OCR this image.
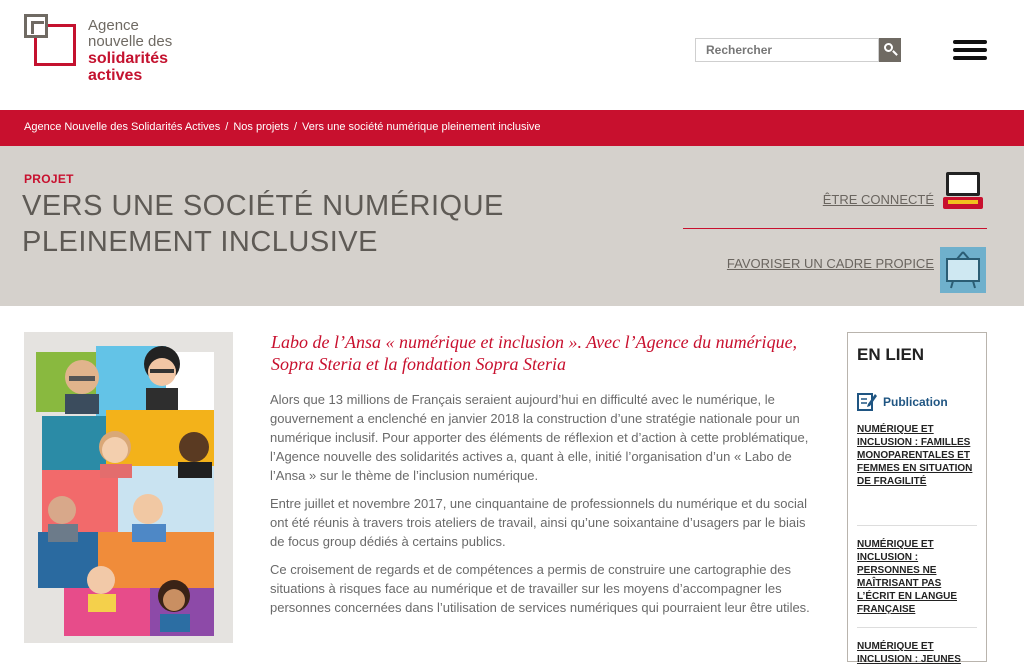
Agence
nouvelle des
solidarités
actives
Rechercher
Agence Nouvelle des Solidarités Actives / Nos projets / Vers une société numérique pleinement inclusive
PROJET
VERS UNE SOCIÉTÉ NUMÉRIQUE
PLEINEMENT INCLUSIVE
ÊTRE CONNECTÉ
FAVORISER UN CADRE PROPICE
Labo de l’Ansa « numérique et inclusion ». Avec l’Agence du numérique, Sopra Steria et la fondation Sopra Steria

Alors que 13 millions de Français seraient aujourd’hui en difficulté avec le numérique, le gouvernement a enclenché en janvier 2018 la construction d’une stratégie nationale pour un numérique inclusif. Pour apporter des éléments de réflexion et d’action à cette problématique, l’Agence nouvelle des solidarités actives a, quant à elle, initié l’organisation d’un « Labo de l’Ansa » sur le thème de l’inclusion numérique.

Entre juillet et novembre 2017, une cinquantaine de professionnels du numérique et du social ont été réunis à travers trois ateliers de travail, ainsi qu’une soixantaine d’usagers par le biais de focus group dédiés à certains publics.

Ce croisement de regards et de compétences a permis de construire une cartographie des situations à risques face au numérique et de travailler sur les moyens d’accompagner les personnes concernées dans l’utilisation de services numériques qui pourraient leur être utiles.

EN LIEN
Publication
NUMÉRIQUE ET INCLUSION : FAMILLES MONOPARENTALES ET FEMMES EN SITUATION DE FRAGILITÉ
NUMÉRIQUE ET INCLUSION : PERSONNES NE MAÎTRISANT PAS L’ÉCRIT EN LANGUE FRANÇAISE
NUMÉRIQUE ET INCLUSION : JEUNES
